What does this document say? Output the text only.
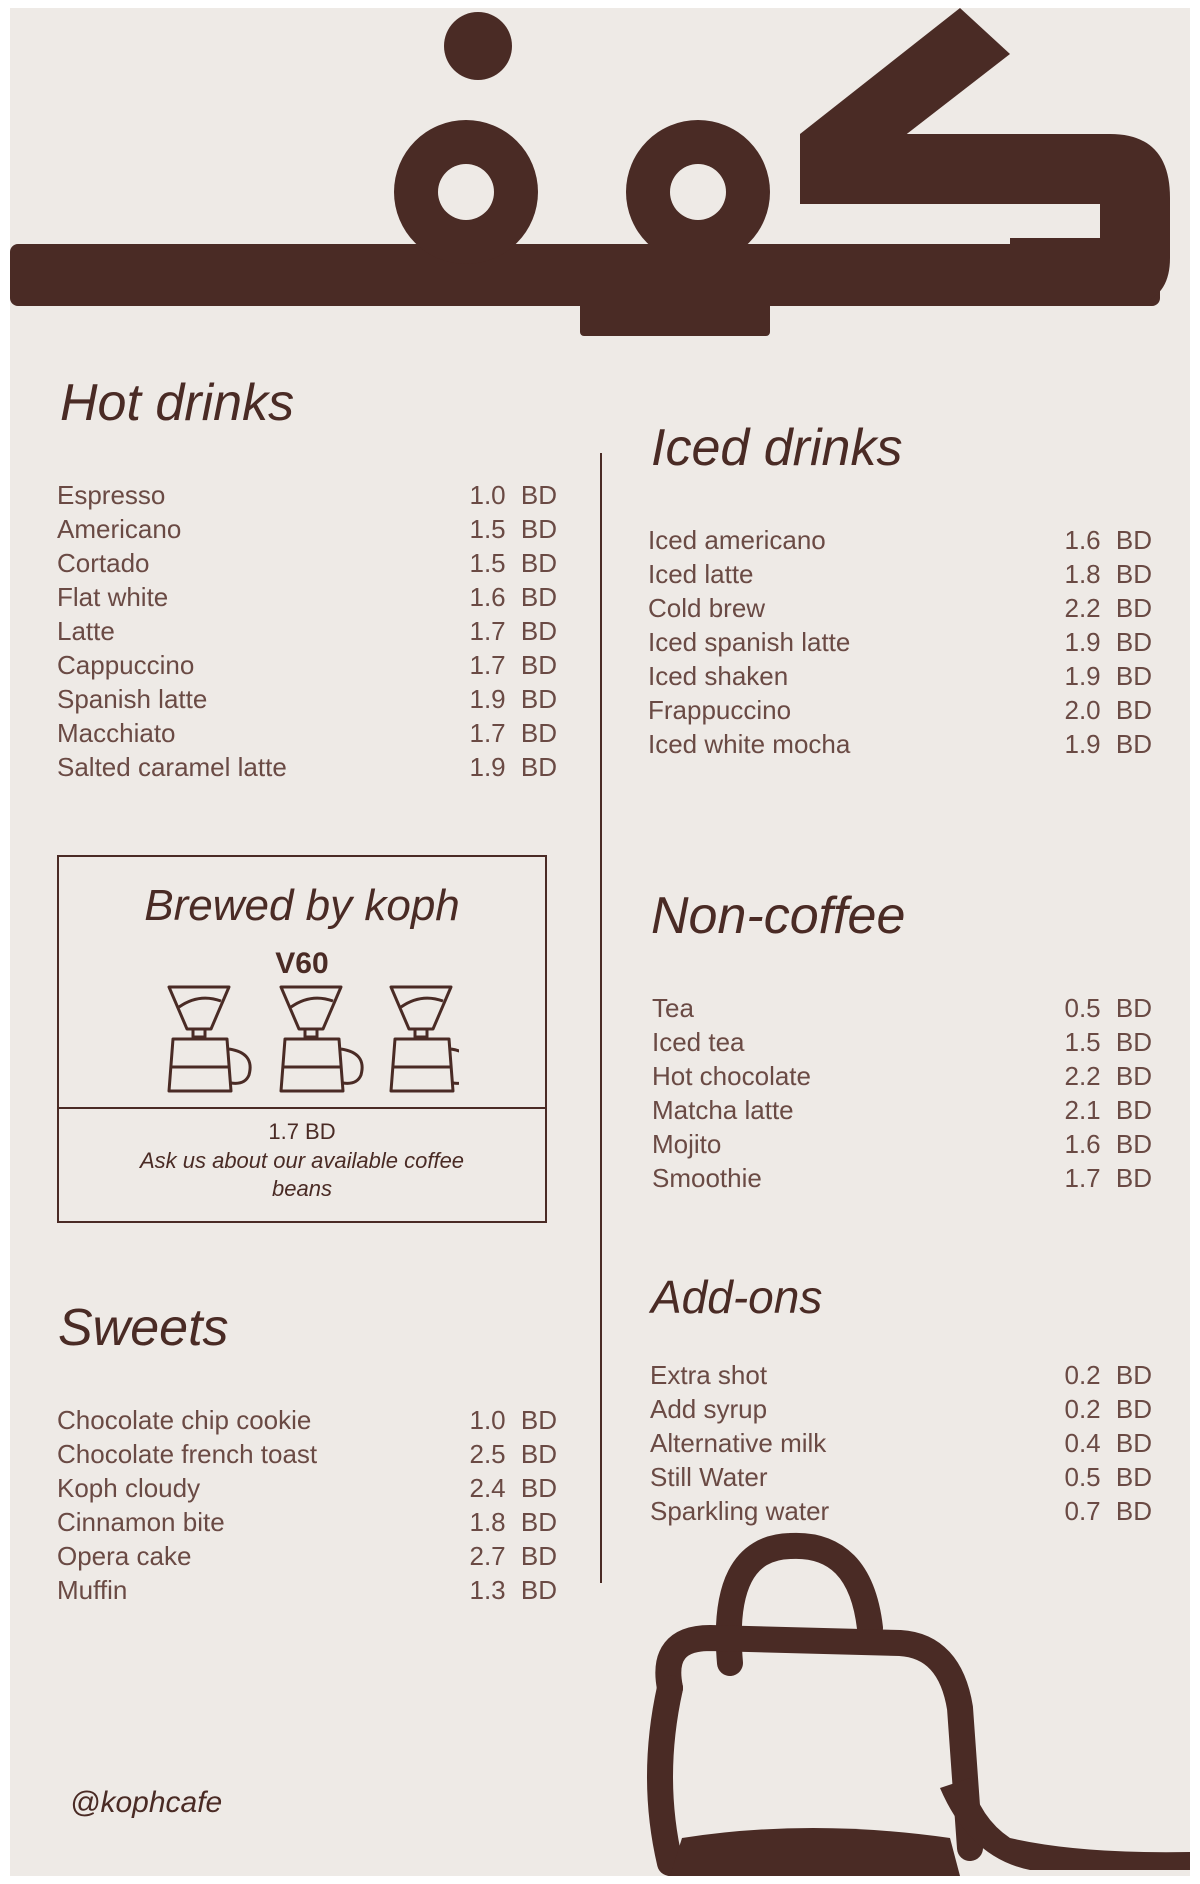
Hot drinks
Espresso	1.0 BD
Americano	1.5 BD
Cortado	1.5 BD
Flat white	1.6 BD
Latte	1.7 BD
Cappuccino	1.7 BD
Spanish latte	1.9 BD
Macchiato	1.7 BD
Salted caramel latte	1.9 BD
Brewed by koph
V60
1.7 BD
Ask us about our available coffee beans
Sweets
Chocolate chip cookie	1.0 BD
Chocolate french toast	2.5 BD
Koph cloudy	2.4 BD
Cinnamon bite	1.8 BD
Opera cake	2.7 BD
Muffin	1.3 BD
Iced drinks
Iced americano	1.6 BD
Iced latte	1.8 BD
Cold brew	2.2 BD
Iced spanish latte	1.9 BD
Iced shaken	1.9 BD
Frappuccino	2.0 BD
Iced white mocha	1.9 BD
Non-coffee
Tea	0.5 BD
Iced tea	1.5 BD
Hot chocolate	2.2 BD
Matcha latte	2.1 BD
Mojito	1.6 BD
Smoothie	1.7 BD
Add-ons
Extra shot	0.2 BD
Add syrup	0.2 BD
Alternative milk	0.4 BD
Still Water	0.5 BD
Sparkling water	0.7 BD
@kophcafe
